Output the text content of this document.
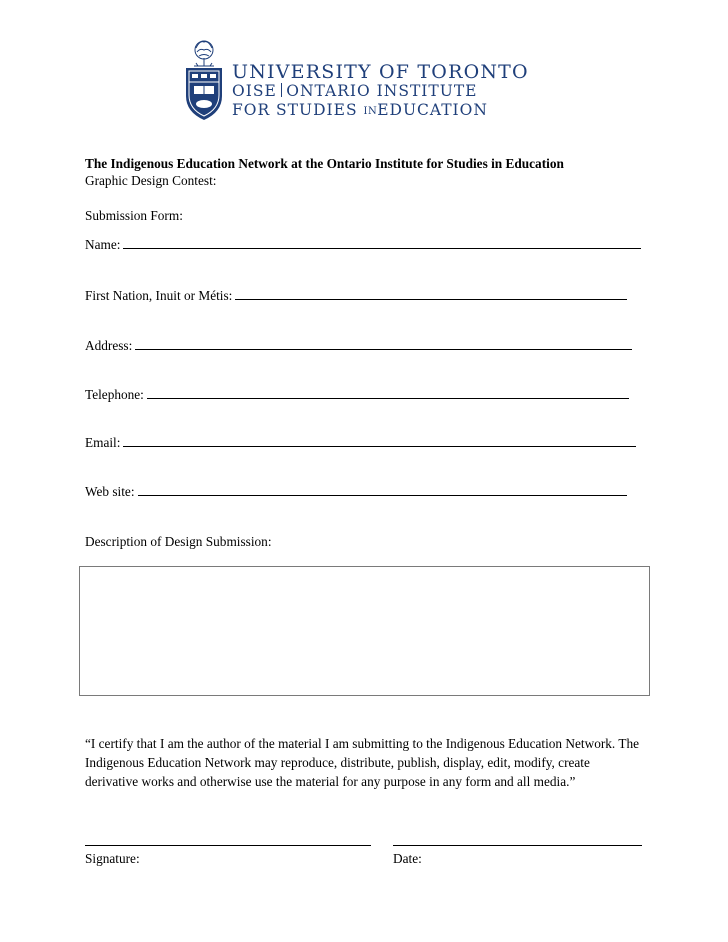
UNIVERSITY OF TORONTO
OISE ONTARIO INSTITUTE
FOR STUDIES INEDUCATION
The Indigenous Education Network at the Ontario Institute for Studies in Education
Graphic Design Contest:
Submission Form:
Name:
First Nation, Inuit or Métis:
Address:
Telephone:
Email:
Web site:
Description of Design Submission:
“I certify that I am the author of the material I am submitting to the Indigenous Education Network. The Indigenous Education Network may reproduce, distribute, publish, display, edit, modify, create derivative works and otherwise use the material for any purpose in any form and all media.”
Signature:	Date:
